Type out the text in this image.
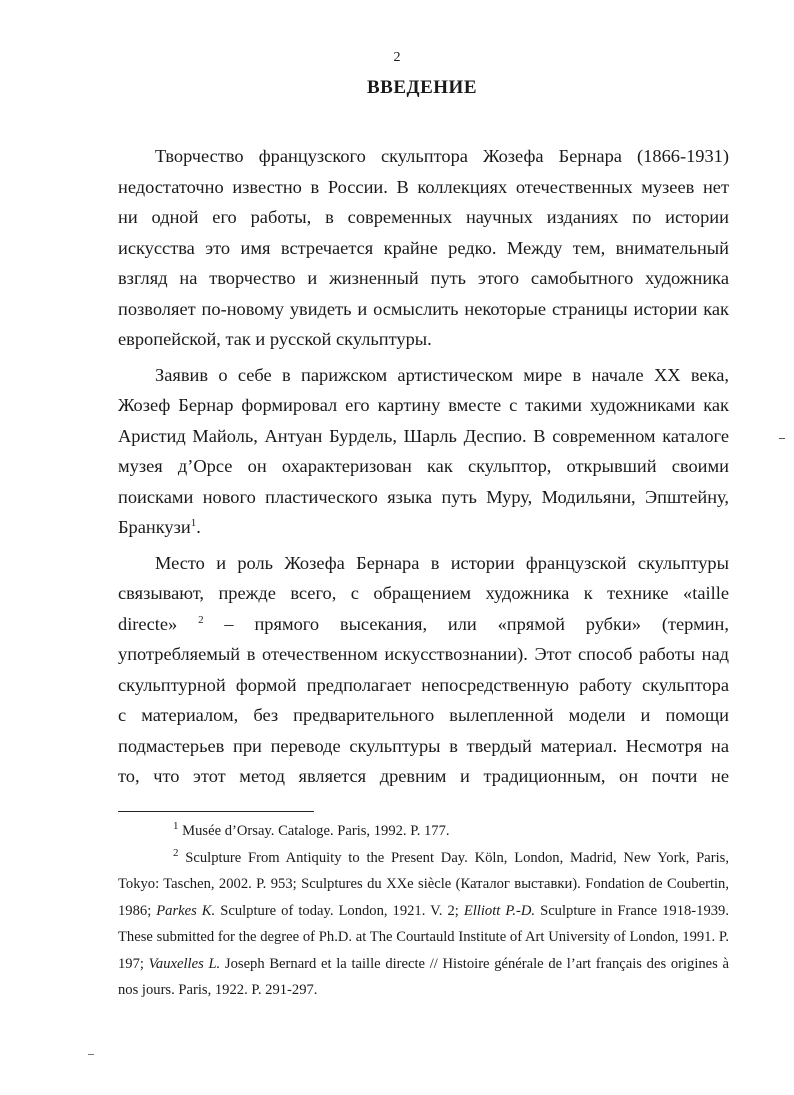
2
ВВЕДЕНИЕ
Творчество французского скульптора Жозефа Бернара (1866-1931)
недостаточно известно в России. В коллекциях отечественных музеев нет
ни одной его работы, в современных научных изданиях по истории
искусства это имя встречается крайне редко. Между тем, внимательный
взгляд на творчество и жизненный путь этого самобытного художника
позволяет по-новому увидеть и осмыслить некоторые страницы истории как
европейской, так и русской скульптуры.
Заявив о себе в парижском артистическом мире в начале XX века,
Жозеф Бернар формировал его картину вместе с такими художниками как
Аристид Майоль, Антуан Бурдель, Шарль Деспио. В современном каталоге
музея д’Орсе он охарактеризован как скульптор, открывший своими
поисками нового пластического языка путь Муру, Модильяни, Эпштейну,
Бранкузи$^1$.
Место и роль Жозефа Бернара в истории французской скульптуры
связывают, прежде всего, с обращением художника к технике «taille
directe» $^2$ – прямого высекания, или «прямой рубки» (термин,
употребляемый в отечественном искусствознании). Этот способ работы над
скульптурной формой предполагает непосредственную работу скульптора
с материалом, без предварительного вылепленной модели и помощи
подмастерьев при переводе скульптуры в твердый материал. Несмотря на
то, что этот метод является древним и традиционным, он почти не
$^1$ Musée d’Orsay. Cataloge. Paris, 1992. P. 177.
$^2$ Sculpture From Antiquity to the Present Day. Köln, London, Madrid, New York, Paris, Tokyo: Taschen, 2002. P. 953; Sculptures du XXe siècle (Каталог выставки). Fondation de Coubertin, 1986; Parkes K. Sculpture of today. London, 1921. V. 2; Elliott P.-D. Sculpture in France 1918-1939. These submitted for the degree of Ph.D. at The Courtauld Institute of Art University of London, 1991. P. 197; Vauxelles L. Joseph Bernard et la taille directe // Histoire générale de l’art français des origines à nos jours. Paris, 1922. P. 291-297.
